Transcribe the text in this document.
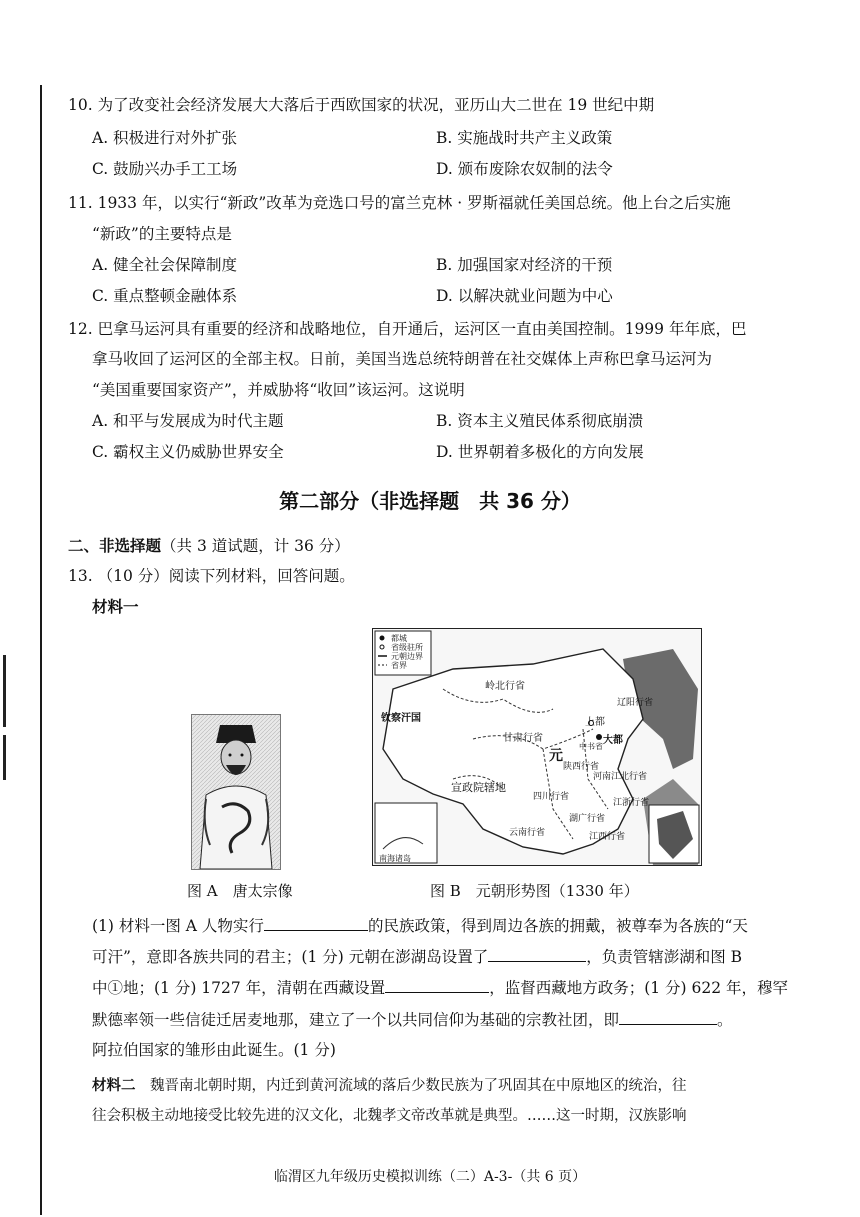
10. 为了改变社会经济发展大大落后于西欧国家的状况，亚历山大二世在 19 世纪中期
A. 积极进行对外扩张	B. 实施战时共产主义政策
C. 鼓励兴办手工工场	D. 颁布废除农奴制的法令
11. 1933 年，以实行“新政”改革为竞选口号的富兰克林 · 罗斯福就任美国总统。他上台之后实施
“新政”的主要特点是
A. 健全社会保障制度	B. 加强国家对经济的干预
C. 重点整顿金融体系	D. 以解决就业问题为中心
12. 巴拿马运河具有重要的经济和战略地位，自开通后，运河区一直由美国控制。1999 年年底，巴
拿马收回了运河区的全部主权。日前，美国当选总统特朗普在社交媒体上声称巴拿马运河为
“美国重要国家资产”，并威胁将“收回”该运河。这说明
A. 和平与发展成为时代主题	B. 资本主义殖民体系彻底崩溃
C. 霸权主义仍威胁世界安全	D. 世界朝着多极化的方向发展
第二部分（非选择题　共 36 分）
二、非选择题（共 3 道试题，计 36 分）
13. （10 分）阅读下列材料，回答问题。
材料一
都城
省级驻所
元朝边界
省界
岭北行省
钦察汗国
甘肃行省
宣政院辖地
元
大都
上都
陕西行省
河南江北行省
四川行省
湖广行省
江西行省
江浙行省
云南行省
辽阳行省
中书省
南海诸岛
图 A　唐太宗像	图 B　元朝形势图（1330 年）
(1) 材料一图 A 人物实行	的民族政策，得到周边各族的拥戴，被尊奉为各族的“天
可汗”，意即各族共同的君主；(1 分) 元朝在澎湖岛设置了	，负责管辖澎湖和图 B
中①地；(1 分) 1727 年，清朝在西藏设置	，监督西藏地方政务；(1 分) 622 年，穆罕
默德率领一些信徒迁居麦地那，建立了一个以共同信仰为基础的宗教社团，即	。
阿拉伯国家的雏形由此诞生。(1 分)
材料二　 魏晋南北朝时期，内迁到黄河流域的落后少数民族为了巩固其在中原地区的统治，往
往会积极主动地接受比较先进的汉文化，北魏孝文帝改革就是典型。……这一时期，汉族影响
临渭区九年级历史模拟训练（二）A-3-（共 6 页）
